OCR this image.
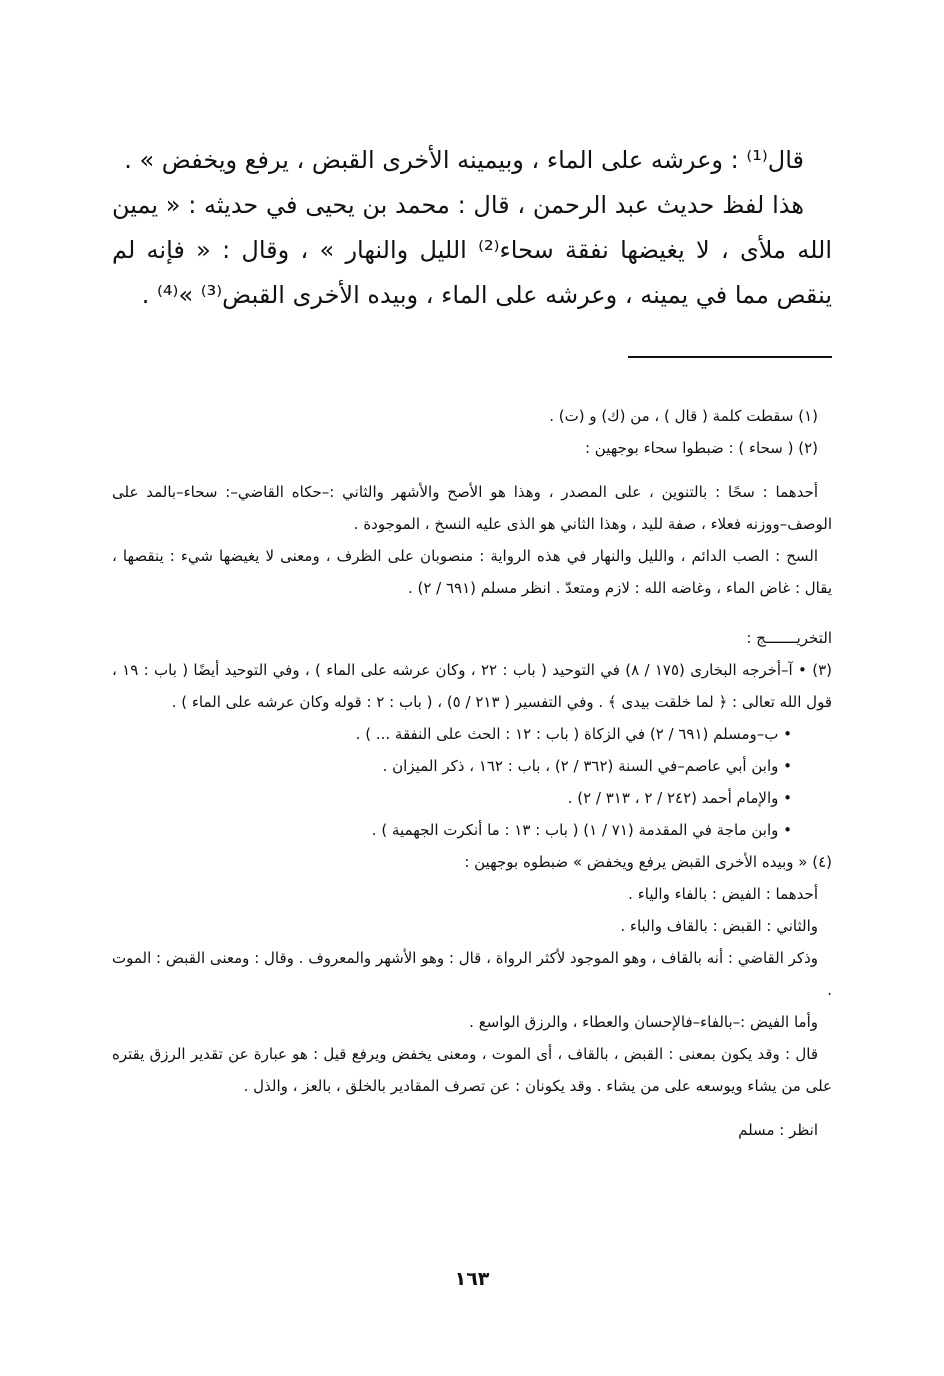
قال⁽¹⁾ : وعرشه على الماء ، وبيمينه الأخرى القبض ، يرفع ويخفض » .

هذا لفظ حديث عبد الرحمن ، قال : محمد بن يحيى في حديثه : « يمين الله ملأى ، لا يغيضها نفقة سحاء⁽²⁾ الليل والنهار » ، وقال : « فإنه لم ينقص مما في يمينه ، وعرشه على الماء ، وبيده الأخرى القبض⁽³⁾ »⁽⁴⁾ .

(١) سقطت كلمة ( قال ) ، من (ك) و (ت) .

(٢) ( سحاء ) : ضبطوا سحاء بوجهين :

أحدهما : سحًا : بالتنوين ، على المصدر ، وهذا هو الأصح والأشهر والثاني :–حكاه القاضي–: سحاء–بالمد على الوصف–ووزنه فعلاء ، صفة لليد ، وهذا الثاني هو الذى عليه النسخ ، الموجودة .

السح : الصب الدائم ، والليل والنهار في هذه الرواية : منصوبان على الظرف ، ومعنى لا يغيضها شيء : ينقصها ، يقال : غاض الماء ، وغاضه الله : لازم ومتعدّ . انظر مسلم (٦٩١ / ٢) .

التخريـــــــج :

(٣) • آ–أخرجه البخارى (١٧٥ / ٨) في التوحيد ( باب : ٢٢ ، وكان عرشه على الماء ) ، وفي التوحيد أيضًا ( باب : ١٩ ، قول الله تعالى : ﴿ لما خلقت بيدى ﴾ . وفي التفسير ( ٢١٣ / ٥) ، ( باب : ٢ : قوله وكان عرشه على الماء ) .

• ب–ومسلم (٦٩١ / ٢) في الزكاة ( باب : ١٢ : الحث على النفقة ... ) .

• وابن أبي عاصم–في السنة (٣٦٢ / ٢) ، باب : ١٦٢ ، ذكر الميزان .

• والإمام أحمد (٢٤٢ / ٢ ، ٣١٣ / ٢) .

• وابن ماجة في المقدمة (٧١ / ١) ( باب : ١٣ : ما أنكرت الجهمية ) .

(٤) « وبيده الأخرى القبض يرفع ويخفض » ضبطوه بوجهين :

أحدهما : الفيض : بالفاء والياء .

والثاني : القبض : بالقاف والباء .

وذكر القاضي : أنه بالقاف ، وهو الموجود لأكثر الرواة ، قال : وهو الأشهر والمعروف . وقال : ومعنى القبض : الموت .

وأما الفيض :–بالفاء–فالإحسان والعطاء ، والرزق الواسع .

قال : وقد يكون بمعنى : القبض ، بالقاف ، أى الموت ، ومعنى يخفض ويرفع قيل : هو عبارة عن تقدير الرزق يقتره على من يشاء ويوسعه على من يشاء . وقد يكونان : عن تصرف المقادير بالخلق ، بالعز ، والذل .

انظر : مسلم

١٦٣
